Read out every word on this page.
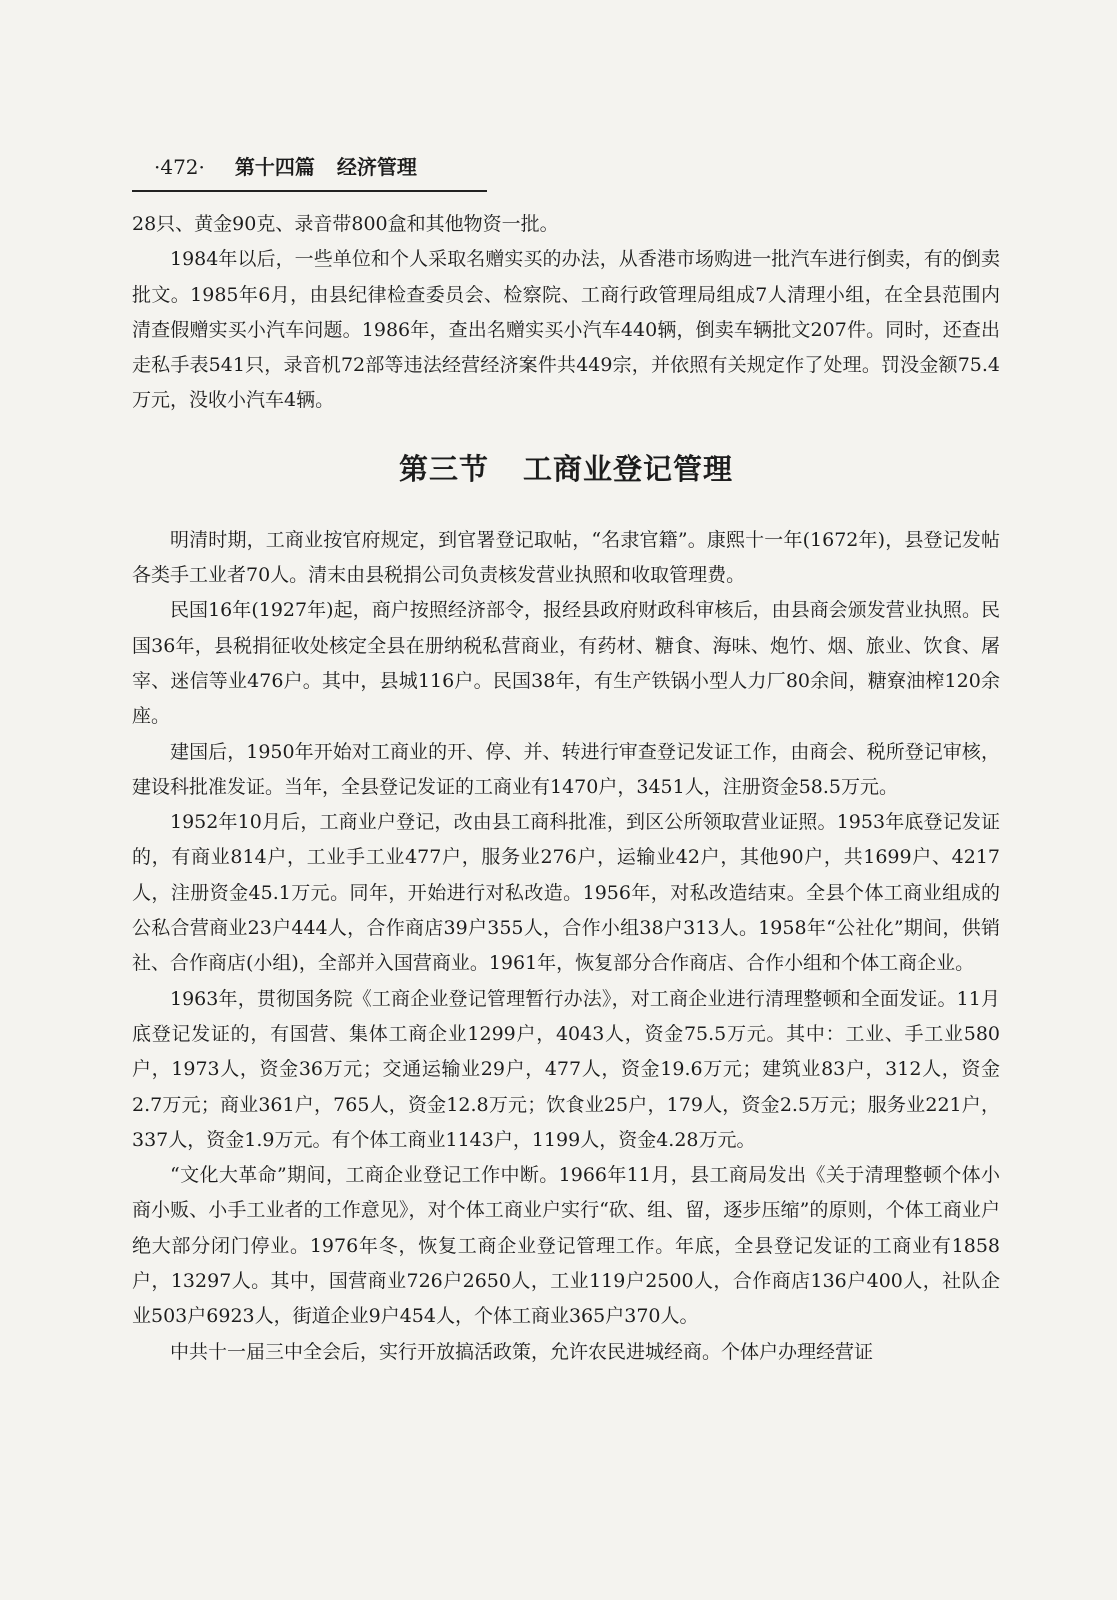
·472· 第十四篇 经济管理

28只、黄金90克、录音带800盒和其他物资一批。

1984年以后，一些单位和个人采取名赠实买的办法，从香港市场购进一批汽车进行倒卖，有的倒卖批文。1985年6月，由县纪律检查委员会、检察院、工商行政管理局组成7人清理小组，在全县范围内清查假赠实买小汽车问题。1986年，查出名赠实买小汽车440辆，倒卖车辆批文207件。同时，还查出走私手表541只，录音机72部等违法经营经济案件共449宗，并依照有关规定作了处理。罚没金额75.4万元，没收小汽车4辆。

第三节 工商业登记管理

明清时期，工商业按官府规定，到官署登记取帖，“名隶官籍”。康熙十一年(1672年)，县登记发帖各类手工业者70人。清末由县税捐公司负责核发营业执照和收取管理费。

民国16年(1927年)起，商户按照经济部令，报经县政府财政科审核后，由县商会颁发营业执照。民国36年，县税捐征收处核定全县在册纳税私营商业，有药材、糖食、海味、炮竹、烟、旅业、饮食、屠宰、迷信等业476户。其中，县城116户。民国38年，有生产铁锅小型人力厂80余间，糖寮油榨120余座。

建国后，1950年开始对工商业的开、停、并、转进行审查登记发证工作，由商会、税所登记审核，建设科批准发证。当年，全县登记发证的工商业有1470户，3451人，注册资金58.5万元。

1952年10月后，工商业户登记，改由县工商科批准，到区公所领取营业证照。1953年底登记发证的，有商业814户，工业手工业477户，服务业276户，运输业42户，其他90户，共1699户、4217人，注册资金45.1万元。同年，开始进行对私改造。1956年，对私改造结束。全县个体工商业组成的公私合营商业23户444人，合作商店39户355人，合作小组38户313人。1958年“公社化”期间，供销社、合作商店(小组)，全部并入国营商业。1961年，恢复部分合作商店、合作小组和个体工商企业。

1963年，贯彻国务院《工商企业登记管理暂行办法》，对工商企业进行清理整顿和全面发证。11月底登记发证的，有国营、集体工商企业1299户，4043人，资金75.5万元。其中：工业、手工业580户，1973人，资金36万元；交通运输业29户，477人，资金19.6万元；建筑业83户，312人，资金2.7万元；商业361户，765人，资金12.8万元；饮食业25户，179人，资金2.5万元；服务业221户，337人，资金1.9万元。有个体工商业1143户，1199人，资金4.28万元。

“文化大革命”期间，工商企业登记工作中断。1966年11月，县工商局发出《关于清理整顿个体小商小贩、小手工业者的工作意见》，对个体工商业户实行“砍、组、留，逐步压缩”的原则，个体工商业户绝大部分闭门停业。1976年冬，恢复工商企业登记管理工作。年底，全县登记发证的工商业有1858户，13297人。其中，国营商业726户2650人，工业119户2500人，合作商店136户400人，社队企业503户6923人，街道企业9户454人，个体工商业365户370人。

中共十一届三中全会后，实行开放搞活政策，允许农民进城经商。个体户办理经营证
